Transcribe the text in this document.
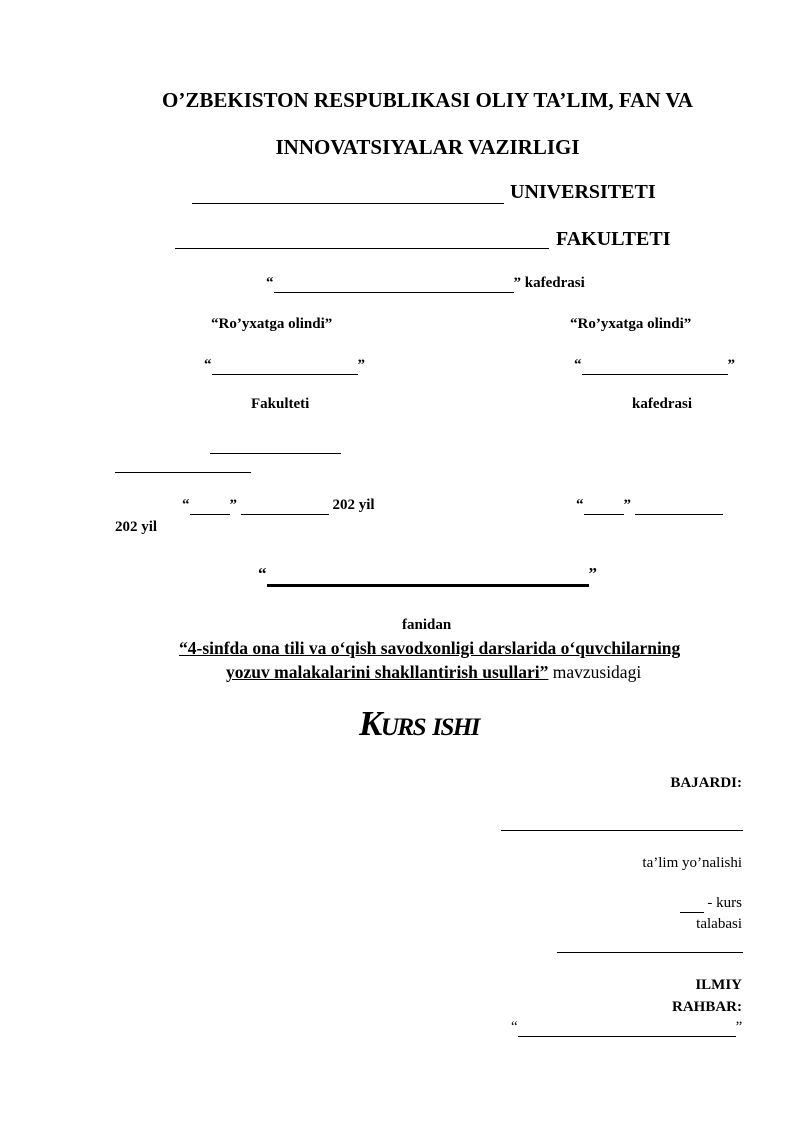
O’ZBEKISTON RESPUBLIKASI OLIY TA’LIM, FAN VA
INNOVATSIYALAR VAZIRLIGI
UNIVERSITETI
FAKULTETI
“	” kafedrasi
“Ro’yxatga olindi”	“Ro’yxatga olindi”
“	”	“	”
Fakulteti	kafedrasi
“	”	202 yil	“	”
202 yil
“	”
fanidan
“4-sinfda ona tili va o‘qish savodxonligi darslarida o‘quvchilarning
yozuv malakalarini shakllantirish usullari” mavzusidagi
Kurs ishi
BAJARDI:
ta’lim yo’nalishi
- kurs
talabasi
ILMIY
RAHBAR:
“	”
